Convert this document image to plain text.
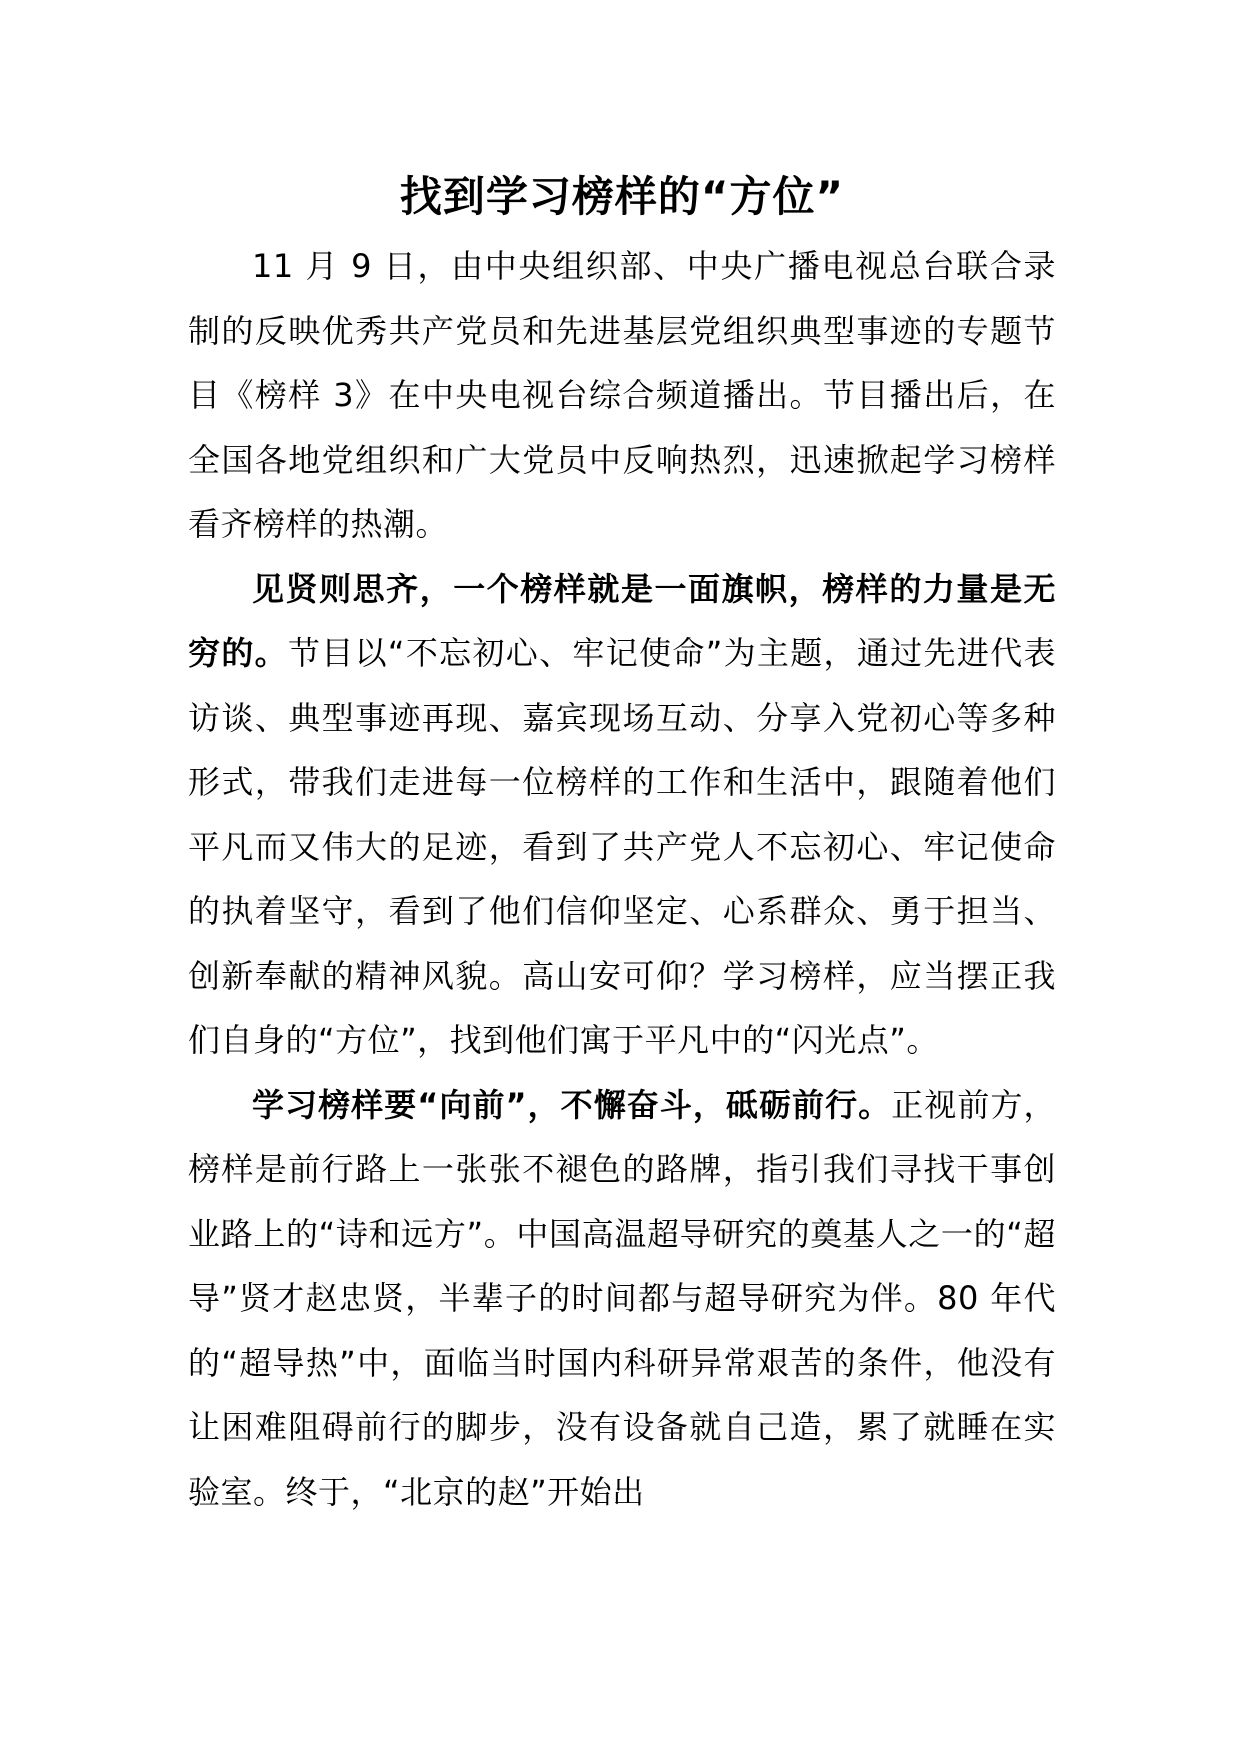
找到学习榜样的“方位”

11 月 9 日，由中央组织部、中央广播电视总台联合录制的反映优秀共产党员和先进基层党组织典型事迹的专题节目《榜样 3》在中央电视台综合频道播出。节目播出后，在全国各地党组织和广大党员中反响热烈，迅速掀起学习榜样看齐榜样的热潮。

见贤则思齐，一个榜样就是一面旗帜，榜样的力量是无穷的。节目以“不忘初心、牢记使命”为主题，通过先进代表访谈、典型事迹再现、嘉宾现场互动、分享入党初心等多种形式，带我们走进每一位榜样的工作和生活中，跟随着他们平凡而又伟大的足迹，看到了共产党人不忘初心、牢记使命的执着坚守，看到了他们信仰坚定、心系群众、勇于担当、创新奉献的精神风貌。高山安可仰？学习榜样，应当摆正我们自身的“方位”，找到他们寓于平凡中的“闪光点”。

学习榜样要“向前”，不懈奋斗，砥砺前行。正视前方，榜样是前行路上一张张不褪色的路牌，指引我们寻找干事创业路上的“诗和远方”。中国高温超导研究的奠基人之一的“超导”贤才赵忠贤，半辈子的时间都与超导研究为伴。80 年代的“超导热”中，面临当时国内科研异常艰苦的条件，他没有让困难阻碍前行的脚步，没有设备就自己造，累了就睡在实验室。终于，“北京的赵”开始出
